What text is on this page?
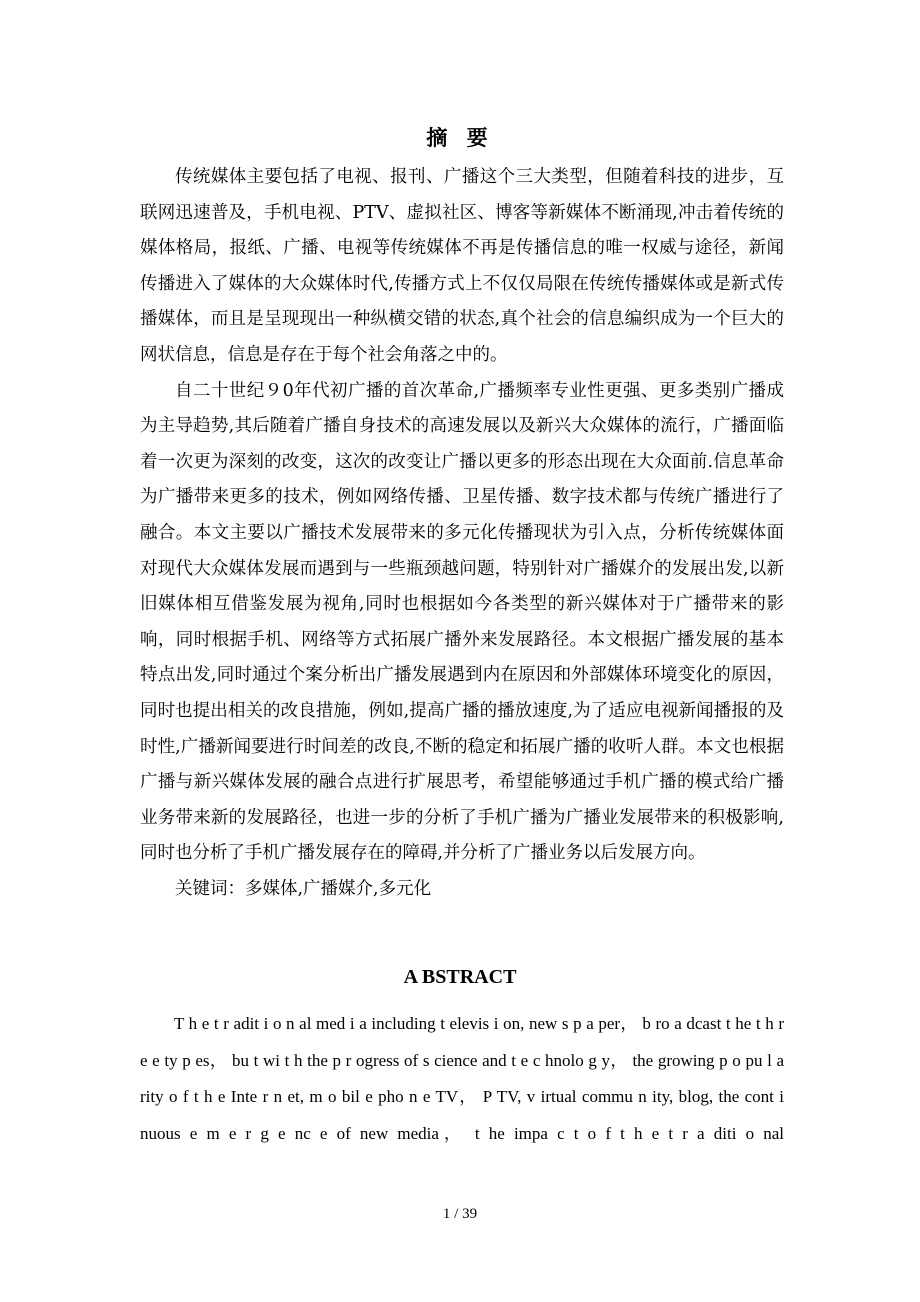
摘 要

传统媒体主要包括了电视、报刊、广播这个三大类型，但随着科技的进步，互联网迅速普及，手机电视、PTV、虚拟社区、博客等新媒体不断涌现,冲击着传统的媒体格局，报纸、广播、电视等传统媒体不再是传播信息的唯一权威与途径，新闻传播进入了媒体的大众媒体时代,传播方式上不仅仅局限在传统传播媒体或是新式传播媒体，而且是呈现现出一种纵横交错的状态,真个社会的信息编织成为一个巨大的网状信息，信息是存在于每个社会角落之中的。

自二十世纪９0年代初广播的首次革命,广播频率专业性更强、更多类别广播成为主导趋势,其后随着广播自身技术的高速发展以及新兴大众媒体的流行，广播面临着一次更为深刻的改变，这次的改变让广播以更多的形态出现在大众面前.信息革命为广播带来更多的技术，例如网络传播、卫星传播、数字技术都与传统广播进行了融合。本文主要以广播技术发展带来的多元化传播现状为引入点，分析传统媒体面对现代大众媒体发展而遇到与一些瓶颈越问题，特别针对广播媒介的发展出发,以新旧媒体相互借鉴发展为视角,同时也根据如今各类型的新兴媒体对于广播带来的影响，同时根据手机、网络等方式拓展广播外来发展路径。本文根据广播发展的基本特点出发,同时通过个案分析出广播发展遇到内在原因和外部媒体环境变化的原因，同时也提出相关的改良措施，例如,提高广播的播放速度,为了适应电视新闻播报的及时性,广播新闻要进行时间差的改良,不断的稳定和拓展广播的收听人群。本文也根据广播与新兴媒体发展的融合点进行扩展思考，希望能够通过手机广播的模式给广播业务带来新的发展路径，也进一步的分析了手机广播为广播业发展带来的积极影响,同时也分析了手机广播发展存在的障碍,并分析了广播业务以后发展方向。

关键词：多媒体,广播媒介,多元化

A BSTRACT

T h e t r adit i o n al med i a including t elevis i on, new s p a per， b ro a dcast t he t h r e e ty p es， bu t wi t h the p r ogress of s cience and t e c hnolo g y， the growing p o pu l a rity o f t h e Inte r n et, m o bil e pho n e TV， P TV, v irtual commu n ity, blog, the cont i nuous e m e r g e nc e of new media， t he impa c t o f t h e t r a diti o nal

1 / 39
